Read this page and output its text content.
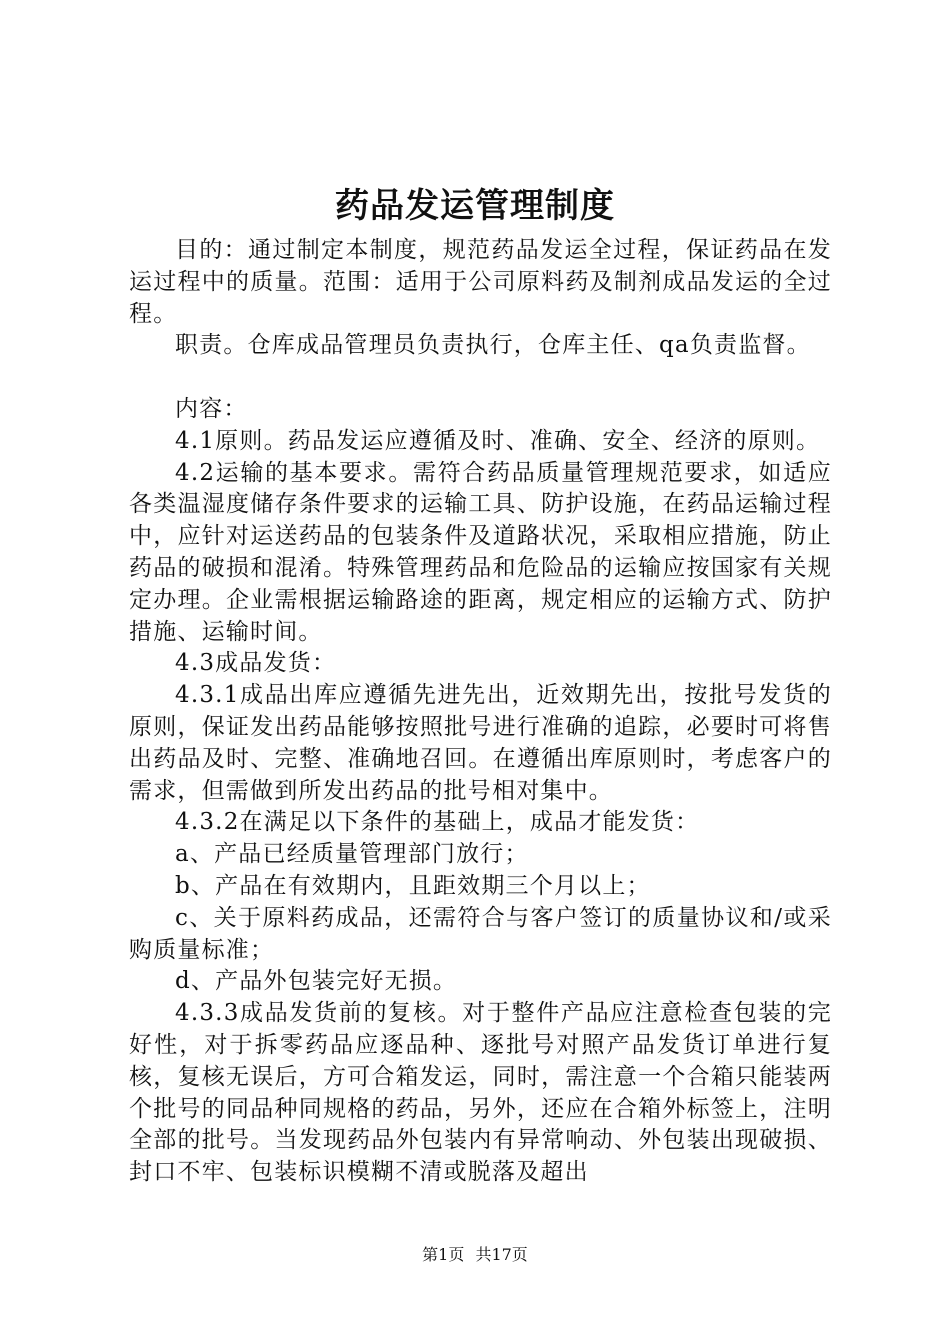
药品发运管理制度

目的：通过制定本制度，规范药品发运全过程，保证药品在发运过程中的质量。范围：适用于公司原料药及制剂成品发运的全过程。

职责。仓库成品管理员负责执行，仓库主任、qa负责监督。

内容：

4.1原则。药品发运应遵循及时、准确、安全、经济的原则。

4.2运输的基本要求。需符合药品质量管理规范要求，如适应各类温湿度储存条件要求的运输工具、防护设施，在药品运输过程中，应针对运送药品的包装条件及道路状况，采取相应措施，防止药品的破损和混淆。特殊管理药品和危险品的运输应按国家有关规定办理。企业需根据运输路途的距离，规定相应的运输方式、防护措施、运输时间。

4.3成品发货：

4.3.1成品出库应遵循先进先出，近效期先出，按批号发货的原则，保证发出药品能够按照批号进行准确的追踪，必要时可将售出药品及时、完整、准确地召回。在遵循出库原则时，考虑客户的需求，但需做到所发出药品的批号相对集中。

4.3.2在满足以下条件的基础上，成品才能发货：

a、产品已经质量管理部门放行；

b、产品在有效期内，且距效期三个月以上；

c、关于原料药成品，还需符合与客户签订的质量协议和/或采购质量标准；

d、产品外包装完好无损。

4.3.3成品发货前的复核。对于整件产品应注意检查包装的完好性，对于拆零药品应逐品种、逐批号对照产品发货订单进行复核，复核无误后，方可合箱发运，同时，需注意一个合箱只能装两个批号的同品种同规格的药品，另外，还应在合箱外标签上，注明全部的批号。当发现药品外包装内有异常响动、外包装出现破损、封口不牢、包装标识模糊不清或脱落及超出

第1页 共17页
